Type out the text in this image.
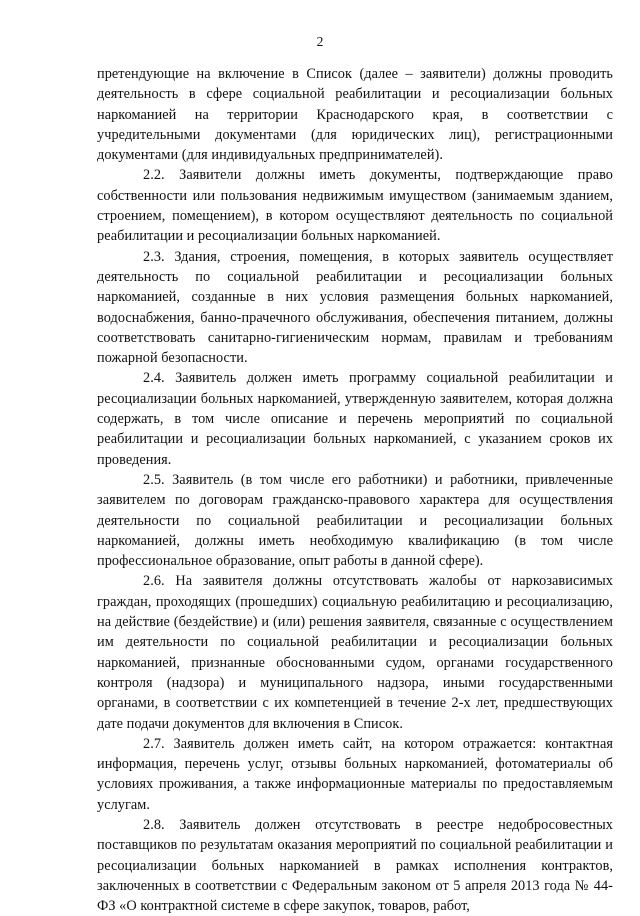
2

претендующие на включение в Список (далее – заявители) должны проводить деятельность в сфере социальной реабилитации и ресоциализации больных наркоманией на территории Краснодарского края, в соответствии с учредительными документами (для юридических лиц), регистрационными документами (для индивидуальных предпринимателей).

2.2. Заявители должны иметь документы, подтверждающие право собственности или пользования недвижимым имуществом (занимаемым зданием, строением, помещением), в котором осуществляют деятельность по социальной реабилитации и ресоциализации больных наркоманией.

2.3. Здания, строения, помещения, в которых заявитель осуществляет деятельность по социальной реабилитации и ресоциализации больных наркоманией, созданные в них условия размещения больных наркоманией, водоснабжения, банно-прачечного обслуживания, обеспечения питанием, должны соответствовать санитарно-гигиеническим нормам, правилам и требованиям пожарной безопасности.

2.4. Заявитель должен иметь программу социальной реабилитации и ресоциализации больных наркоманией, утвержденную заявителем, которая должна содержать, в том числе описание и перечень мероприятий по социальной реабилитации и ресоциализации больных наркоманией, с указанием сроков их проведения.

2.5. Заявитель (в том числе его работники) и работники, привлеченные заявителем по договорам гражданско-правового характера для осуществления деятельности по социальной реабилитации и ресоциализации больных наркоманией, должны иметь необходимую квалификацию (в том числе профессиональное образование, опыт работы в данной сфере).

2.6. На заявителя должны отсутствовать жалобы от наркозависимых граждан, проходящих (прошедших) социальную реабилитацию и ресоциализацию, на действие (бездействие) и (или) решения заявителя, связанные с осуществлением им деятельности по социальной реабилитации и ресоциализации больных наркоманией, признанные обоснованными судом, органами государственного контроля (надзора) и муниципального надзора, иными государственными органами, в соответствии с их компетенцией в течение 2-х лет, предшествующих дате подачи документов для включения в Список.

2.7. Заявитель должен иметь сайт, на котором отражается: контактная информация, перечень услуг, отзывы больных наркоманией, фотоматериалы об условиях проживания, а также информационные материалы по предоставляемым услугам.

2.8. Заявитель должен отсутствовать в реестре недобросовестных поставщиков по результатам оказания мероприятий по социальной реабилитации и ресоциализации больных наркоманией в рамках исполнения контрактов, заключенных в соответствии с Федеральным законом от 5 апреля 2013 года № 44-ФЗ «О контрактной системе в сфере закупок, товаров, работ,
